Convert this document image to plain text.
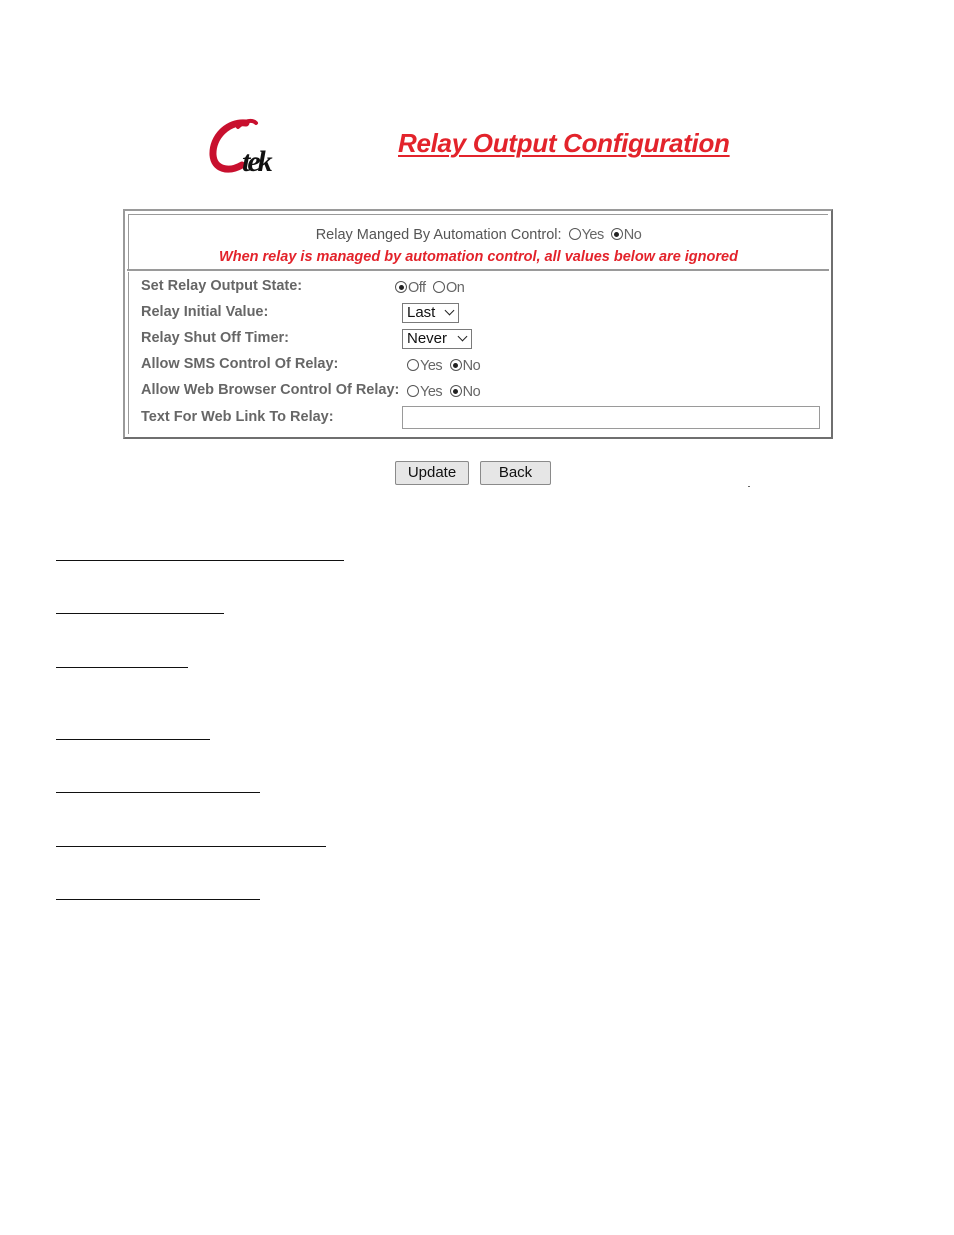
tek
Relay Output Configuration
Relay Manged By Automation Control: Yes No
When relay is managed by automation control, all values below are ignored
Set Relay Output State:	Off On
Relay Initial Value:	Last
Relay Shut Off Timer:	Never
Allow SMS Control Of Relay:	Yes No
Allow Web Browser Control Of Relay:	Yes No
Text For Web Link To Relay:
Update	Back
